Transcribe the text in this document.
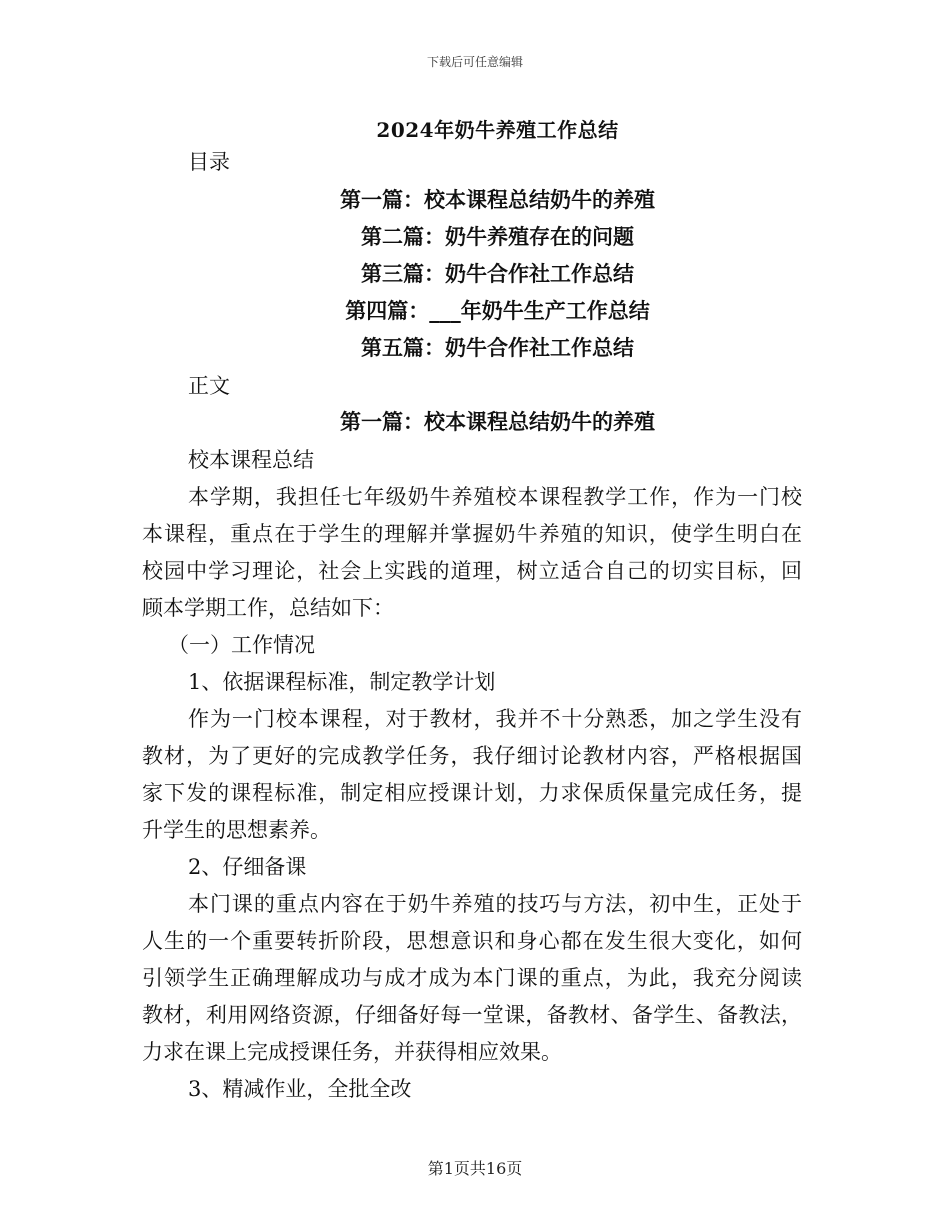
下载后可任意编辑
2024年奶牛养殖工作总结
目录
第一篇：校本课程总结奶牛的养殖
第二篇：奶牛养殖存在的问题
第三篇：奶牛合作社工作总结
第四篇：___年奶牛生产工作总结
第五篇：奶牛合作社工作总结
正文
第一篇：校本课程总结奶牛的养殖
校本课程总结
本学期，我担任七年级奶牛养殖校本课程教学工作，作为一门校
本课程，重点在于学生的理解并掌握奶牛养殖的知识，使学生明白在
校园中学习理论，社会上实践的道理，树立适合自己的切实目标，回
顾本学期工作，总结如下：
（一）工作情况
1、依据课程标准，制定教学计划
作为一门校本课程，对于教材，我并不十分熟悉，加之学生没有
教材，为了更好的完成教学任务，我仔细讨论教材内容，严格根据国
家下发的课程标准，制定相应授课计划，力求保质保量完成任务，提
升学生的思想素养。
2、仔细备课
本门课的重点内容在于奶牛养殖的技巧与方法，初中生，正处于
人生的一个重要转折阶段，思想意识和身心都在发生很大变化，如何
引领学生正确理解成功与成才成为本门课的重点，为此，我充分阅读
教材，利用网络资源，仔细备好每一堂课，备教材、备学生、备教法，
力求在课上完成授课任务，并获得相应效果。
3、精减作业，全批全改
第1页共16页
